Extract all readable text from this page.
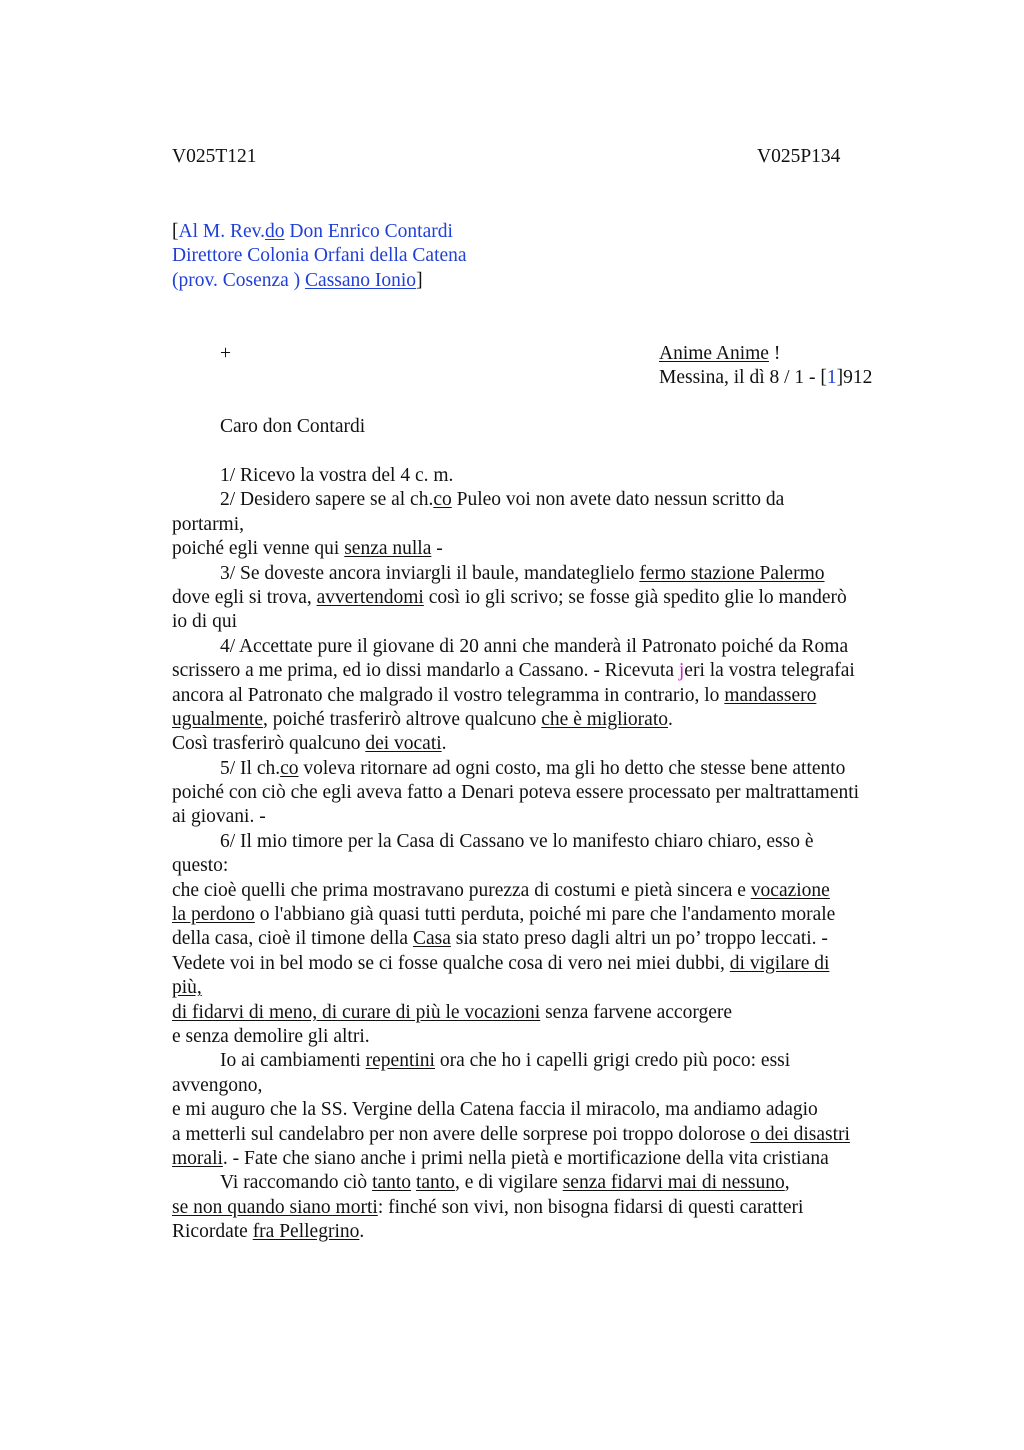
V025T121	V025P134
[Al M. Rev.do Don Enrico Contardi
Direttore Colonia Orfani della Catena
(prov. Cosenza ) Cassano Ionio]
+	Anime Anime !
Messina, il dì 8 / 1 - [1]912
Caro don Contardi
1/ Ricevo la vostra del 4 c. m.
2/ Desidero sapere se al ch.co Puleo voi non avete dato nessun scritto da
portarmi,
poiché egli venne qui senza nulla -
3/ Se doveste ancora inviargli il baule, mandateglielo fermo stazione Palermo
dove egli si trova, avvertendomi così io gli scrivo; se fosse già spedito glie lo manderò
io di qui
4/ Accettate pure il giovane di 20 anni che manderà il Patronato poiché da Roma
scrissero a me prima, ed io dissi mandarlo a Cassano. - Ricevuta jeri la vostra telegrafai
ancora al Patronato che malgrado il vostro telegramma in contrario, lo mandassero
ugualmente, poiché trasferirò altrove qualcuno che è migliorato.
Così trasferirò qualcuno dei vocati.
5/ Il ch.co voleva ritornare ad ogni costo, ma gli ho detto che stesse bene attento
poiché con ciò che egli aveva fatto a Denari poteva essere processato per maltrattamenti
ai giovani. -
6/ Il mio timore per la Casa di Cassano ve lo manifesto chiaro chiaro, esso è
questo:
che cioè quelli che prima mostravano purezza di costumi e pietà sincera e vocazione
la perdono o l'abbiano già quasi tutti perduta, poiché mi pare che l'andamento morale
della casa, cioè il timone della Casa sia stato preso dagli altri un po’ troppo leccati. -
Vedete voi in bel modo se ci fosse qualche cosa di vero nei miei dubbi, di vigilare di
più,
di fidarvi di meno, di curare di più le vocazioni senza farvene accorgere
e senza demolire gli altri.
Io ai cambiamenti repentini ora che ho i capelli grigi credo più poco: essi
avvengono,
e mi auguro che la SS. Vergine della Catena faccia il miracolo, ma andiamo adagio
a metterli sul candelabro per non avere delle sorprese poi troppo dolorose o dei disastri
morali. - Fate che siano anche i primi nella pietà e mortificazione della vita cristiana
Vi raccomando ciò tanto tanto, e di vigilare senza fidarvi mai di nessuno,
se non quando siano morti: finché son vivi, non bisogna fidarsi di questi caratteri
Ricordate fra Pellegrino.
